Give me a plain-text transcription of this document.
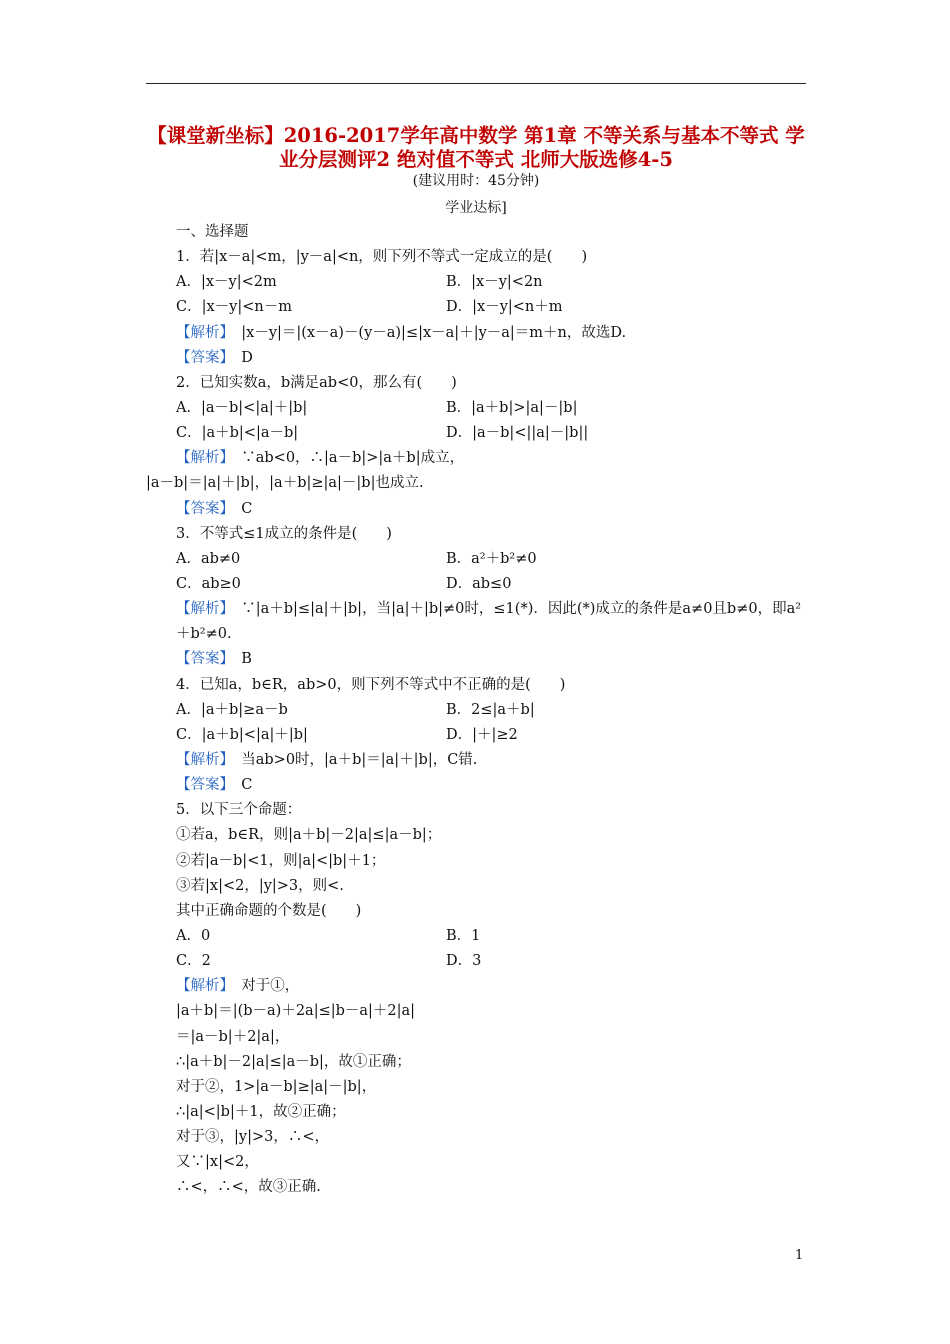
【课堂新坐标】2016-2017学年高中数学 第1章 不等关系与基本不等式 学业分层测评2 绝对值不等式 北师大版选修4-5
(建议用时：45分钟)
学业达标]
一、选择题
1．若|x－a|<m，|y－a|<n，则下列不等式一定成立的是(　　)
A．|x－y|<2m	B．|x－y|<2n
C．|x－y|<n－m	D．|x－y|<n＋m
【解析】　|x－y|＝|(x－a)－(y－a)|≤|x－a|＋|y－a|＝m＋n，故选D.
【答案】　D
2．已知实数a，b满足ab<0，那么有(　　)
A．|a－b|<|a|＋|b|	B．|a＋b|>|a|－|b|
C．|a＋b|<|a－b|	D．|a－b|<||a|－|b||
【解析】　∵ab<0，∴|a－b|>|a＋b|成立，
|a－b|＝|a|＋|b|，|a＋b|≥|a|－|b|也成立.
【答案】　C
3．不等式≤1成立的条件是(　　)
A．ab≠0	B．a²＋b²≠0
C．ab≥0	D．ab≤0
【解析】　∵|a＋b|≤|a|＋|b|，当|a|＋|b|≠0时，≤1(*)．因此(*)成立的条件是a≠0且b≠0，即a²＋b²≠0.
【答案】　B
4．已知a，b∈R，ab>0，则下列不等式中不正确的是(　　)
A．|a＋b|≥a－b	B．2≤|a＋b|
C．|a＋b|<|a|＋|b|	D．|＋|≥2
【解析】　当ab>0时，|a＋b|＝|a|＋|b|，C错.
【答案】　C
5．以下三个命题：
①若a，b∈R，则|a＋b|－2|a|≤|a－b|；
②若|a－b|<1，则|a|<|b|＋1；
③若|x|<2，|y|>3，则<.
其中正确命题的个数是(　　)
A．0	B．1
C．2	D．3
【解析】　对于①，
|a＋b|＝|(b－a)＋2a|≤|b－a|＋2|a|
＝|a－b|＋2|a|，
∴|a＋b|－2|a|≤|a－b|，故①正确；
对于②，1>|a－b|≥|a|－|b|，
∴|a|<|b|＋1，故②正确；
对于③，|y|>3，∴<，
又∵|x|<2，
∴<，∴<，故③正确.
1
